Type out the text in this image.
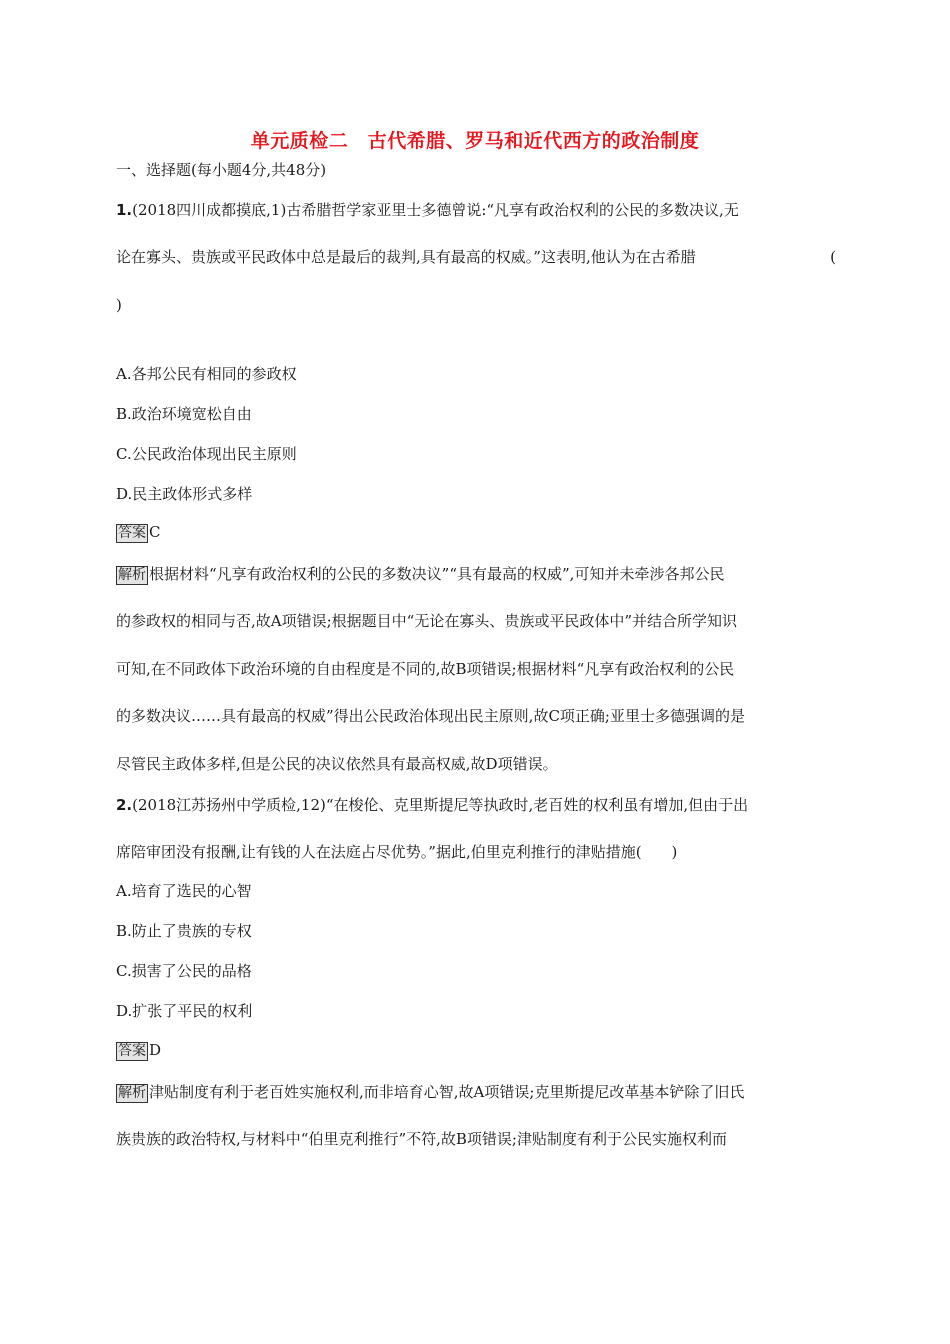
单元质检二　古代希腊、罗马和近代西方的政治制度
一、选择题(每小题4分,共48分)
1.(2018四川成都摸底,1)古希腊哲学家亚里士多德曾说:“凡享有政治权利的公民的多数决议,无
论在寡头、贵族或平民政体中总是最后的裁判,具有最高的权威。”这表明,他认为在古希腊	(
)
A.各邦公民有相同的参政权
B.政治环境宽松自由
C.公民政治体现出民主原则
D.民主政体形式多样
答案 C
解析 根据材料“凡享有政治权利的公民的多数决议”“具有最高的权威”,可知并未牵涉各邦公民
的参政权的相同与否,故A项错误;根据题目中“无论在寡头、贵族或平民政体中”并结合所学知识
可知,在不同政体下政治环境的自由程度是不同的,故B项错误;根据材料“凡享有政治权利的公民
的多数决议……具有最高的权威”得出公民政治体现出民主原则,故C项正确;亚里士多德强调的是
尽管民主政体多样,但是公民的决议依然具有最高权威,故D项错误。
2.(2018江苏扬州中学质检,12)“在梭伦、克里斯提尼等执政时,老百姓的权利虽有增加,但由于出
席陪审团没有报酬,让有钱的人在法庭占尽优势。”据此,伯里克利推行的津贴措施(　　)
A.培育了选民的心智
B.防止了贵族的专权
C.损害了公民的品格
D.扩张了平民的权利
答案 D
解析 津贴制度有利于老百姓实施权利,而非培育心智,故A项错误;克里斯提尼改革基本铲除了旧氏
族贵族的政治特权,与材料中“伯里克利推行”不符,故B项错误;津贴制度有利于公民实施权利而
